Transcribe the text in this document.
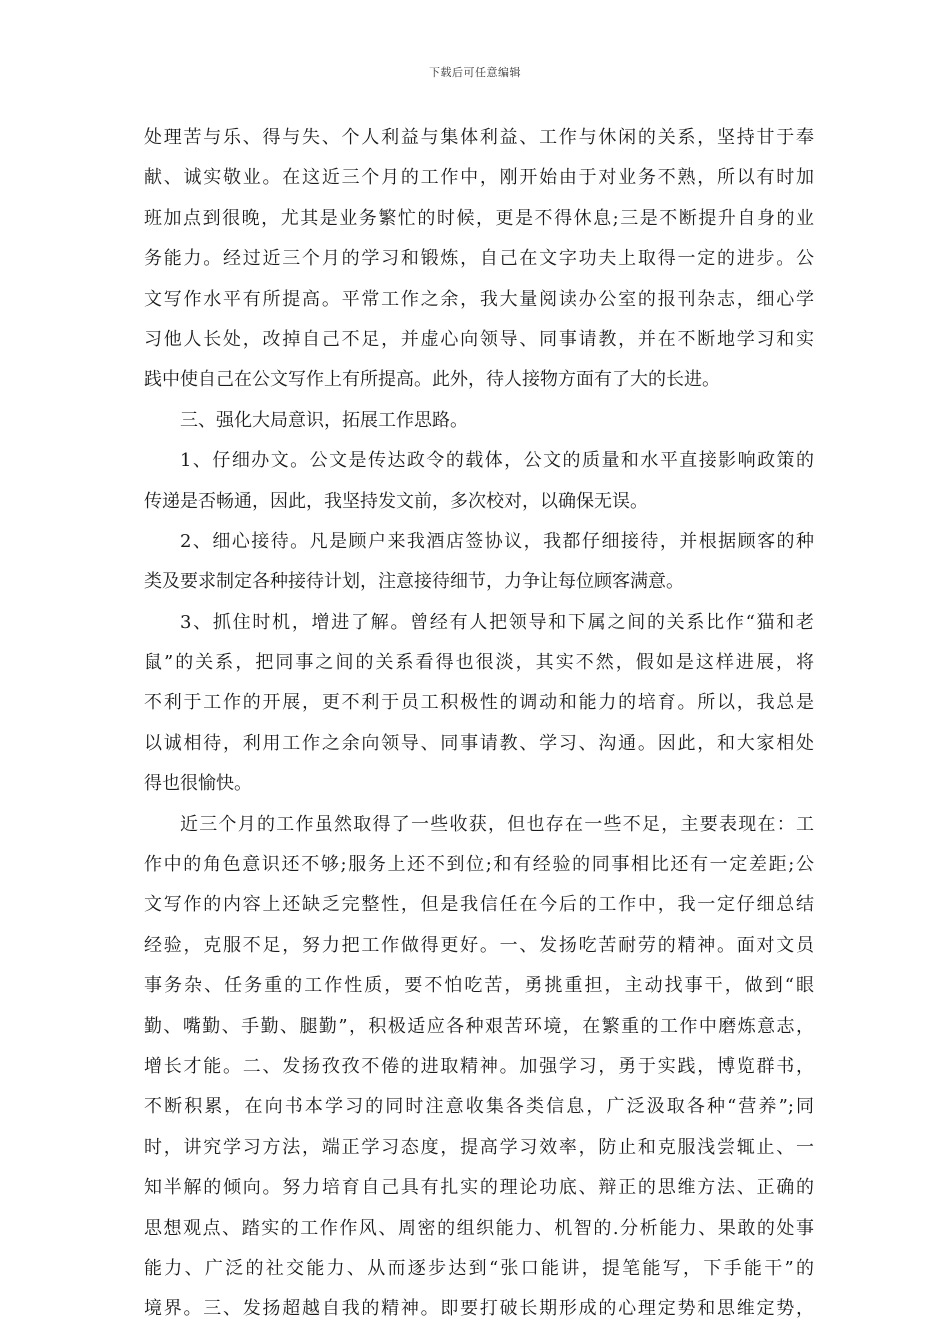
下载后可任意编辑
处理苦与乐、得与失、个人利益与集体利益、工作与休闲的关系，坚持甘于奉
献、诚实敬业。在这近三个月的工作中，刚开始由于对业务不熟，所以有时加
班加点到很晚，尤其是业务繁忙的时候，更是不得休息;三是不断提升自身的业
务能力。经过近三个月的学习和锻炼，自己在文字功夫上取得一定的进步。公
文写作水平有所提高。平常工作之余，我大量阅读办公室的报刊杂志，细心学
习他人长处，改掉自己不足，并虚心向领导、同事请教，并在不断地学习和实
践中使自己在公文写作上有所提高。此外，待人接物方面有了大的长进。
三、强化大局意识，拓展工作思路。
1、仔细办文。公文是传达政令的载体，公文的质量和水平直接影响政策的
传递是否畅通，因此，我坚持发文前，多次校对，以确保无误。
2、细心接待。凡是顾户来我酒店签协议，我都仔细接待，并根据顾客的种
类及要求制定各种接待计划，注意接待细节，力争让每位顾客满意。
3、抓住时机，增进了解。曾经有人把领导和下属之间的关系比作“猫和老
鼠”的关系，把同事之间的关系看得也很淡，其实不然，假如是这样进展，将
不利于工作的开展，更不利于员工积极性的调动和能力的培育。所以，我总是
以诚相待，利用工作之余向领导、同事请教、学习、沟通。因此，和大家相处
得也很愉快。
近三个月的工作虽然取得了一些收获，但也存在一些不足，主要表现在：工
作中的角色意识还不够;服务上还不到位;和有经验的同事相比还有一定差距;公
文写作的内容上还缺乏完整性，但是我信任在今后的工作中，我一定仔细总结
经验，克服不足，努力把工作做得更好。一、发扬吃苦耐劳的精神。面对文员
事务杂、任务重的工作性质，要不怕吃苦，勇挑重担，主动找事干，做到“眼
勤、嘴勤、手勤、腿勤”，积极适应各种艰苦环境，在繁重的工作中磨炼意志，
增长才能。二、发扬孜孜不倦的进取精神。加强学习，勇于实践，博览群书，
不断积累，在向书本学习的同时注意收集各类信息，广泛汲取各种“营养”;同
时，讲究学习方法，端正学习态度，提高学习效率，防止和克服浅尝辄止、一
知半解的倾向。努力培育自己具有扎实的理论功底、辩正的思维方法、正确的
思想观点、踏实的工作作风、周密的组织能力、机智的.分析能力、果敢的处事
能力、广泛的社交能力、从而逐步达到“张口能讲，提笔能写，下手能干”的
境界。三、发扬超越自我的精神。即要打破长期形成的心理定势和思维定势，
